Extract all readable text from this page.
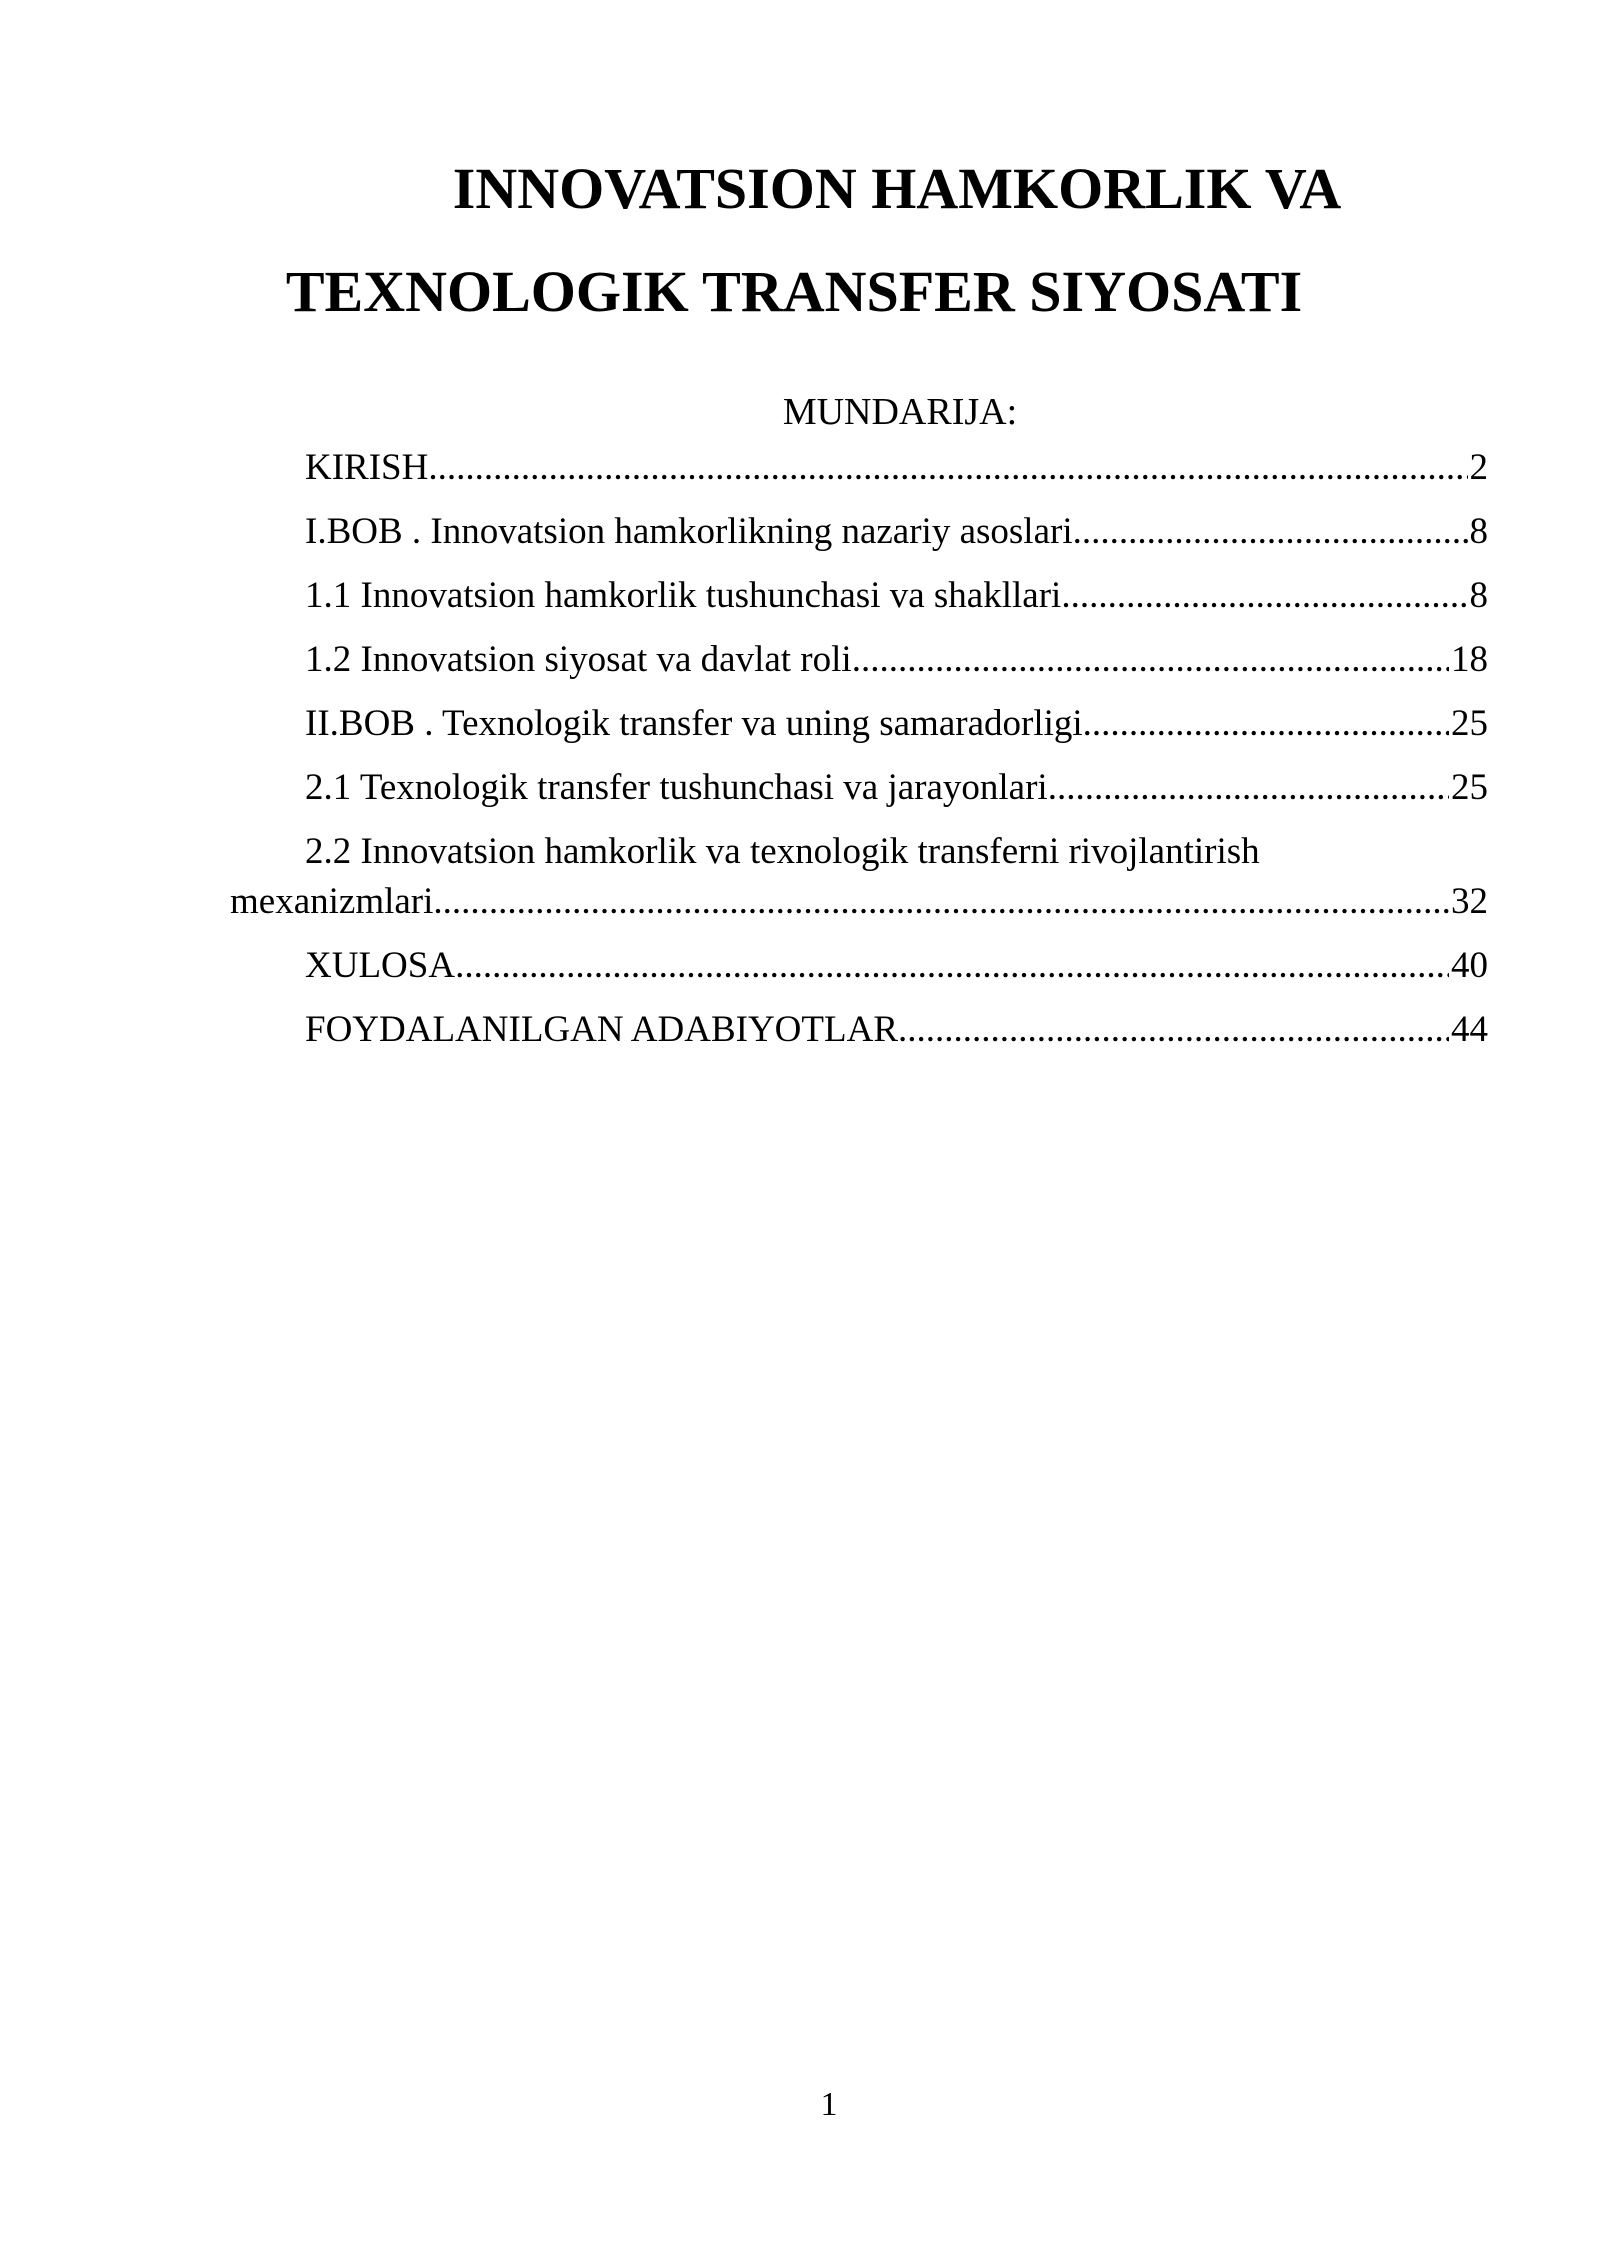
INNOVATSION HAMKORLIK VA
TEXNOLOGIK TRANSFER SIYOSATI
MUNDARIJA:
KIRISH .....	2
I.BOB . Innovatsion hamkorlikning nazariy asoslari .....	8
1.1 Innovatsion hamkorlik tushunchasi va shakllari .....	8
1.2 Innovatsion siyosat va davlat roli .....	18
II.BOB . Texnologik transfer va uning samaradorligi .....	25
2.1 Texnologik transfer tushunchasi va jarayonlari .....	25
2.2 Innovatsion hamkorlik va texnologik transferni rivojlantirish
mexanizmlari .....	32
XULOSA .....	40
FOYDALANILGAN ADABIYOTLAR .....	44
1
